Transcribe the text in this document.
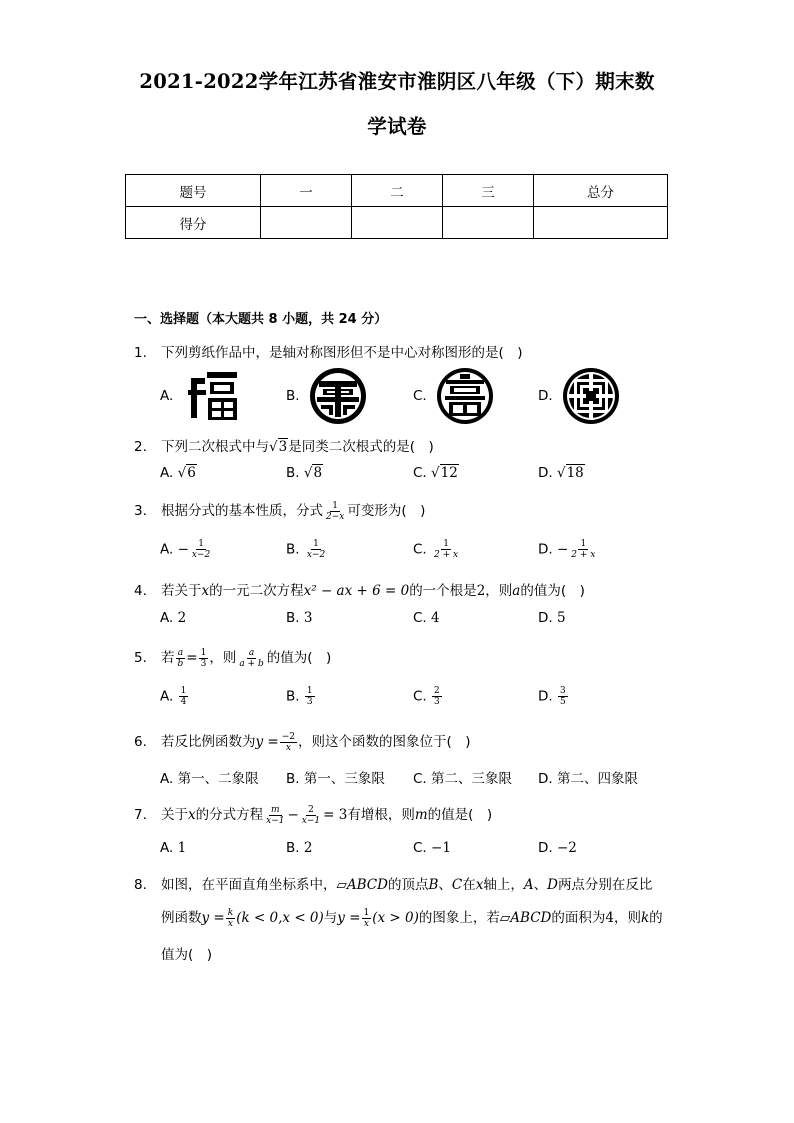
2021-2022学年江苏省淮安市淮阴区八年级（下）期末数
学试卷
题号	一	二	三	总分
得分				
一、选择题（本大题共 8 小题，共 24 分）
1. 下列剪纸作品中，是轴对称图形但不是中心对称图形的是(　)
A.	B.	C.	D.
2. 下列二次根式中与√3是同类二次根式的是(　)
A. √6	B. √8	C. √12	D. √18
3. 根据分式的基本性质，分式 $\frac{1}{2-x}$ 可变形为(　)
A. − $\frac{1}{x-2}$	B. $\frac{1}{x-2}$	C. $\frac{1}{2 + x}$	D. − $\frac{1}{2 + x}$
4. 若关于x的一元二次方程x² − ax + 6 = 0的一个根是2，则a的值为(　)
A. 2	B. 3	C. 4	D. 5
5. 若 $\frac{a}{b} = \frac{1}{3}$ ，则 $\frac{a}{a + b}$ 的值为(　)
A. $\frac{1}{4}$	B. $\frac{1}{3}$	C. $\frac{2}{3}$	D. $\frac{3}{5}$
6. 若反比例函数为$y = \frac{-2}{x}$ ，则这个函数的图象位于(　)
A. 第一、二象限 B. 第一、三象限 C. 第二、三象限 D. 第二、四象限
7. 关于x的分式方程 $\frac{m}{x-1} - \frac{2}{x-1} = 3$有增根，则m的值是(　)
A. 1	B. 2	C. −1	D. −2
8. 如图，在平面直角坐标系中，▱ABCD的顶点B、C在x轴上，A、D两点分别在反比
例函数$y = \frac{k}{x} (k < 0,x < 0)$与$y = \frac{1}{x} (x > 0)$的图象上，若▱ABCD的面积为4，则k的
值为(　)
